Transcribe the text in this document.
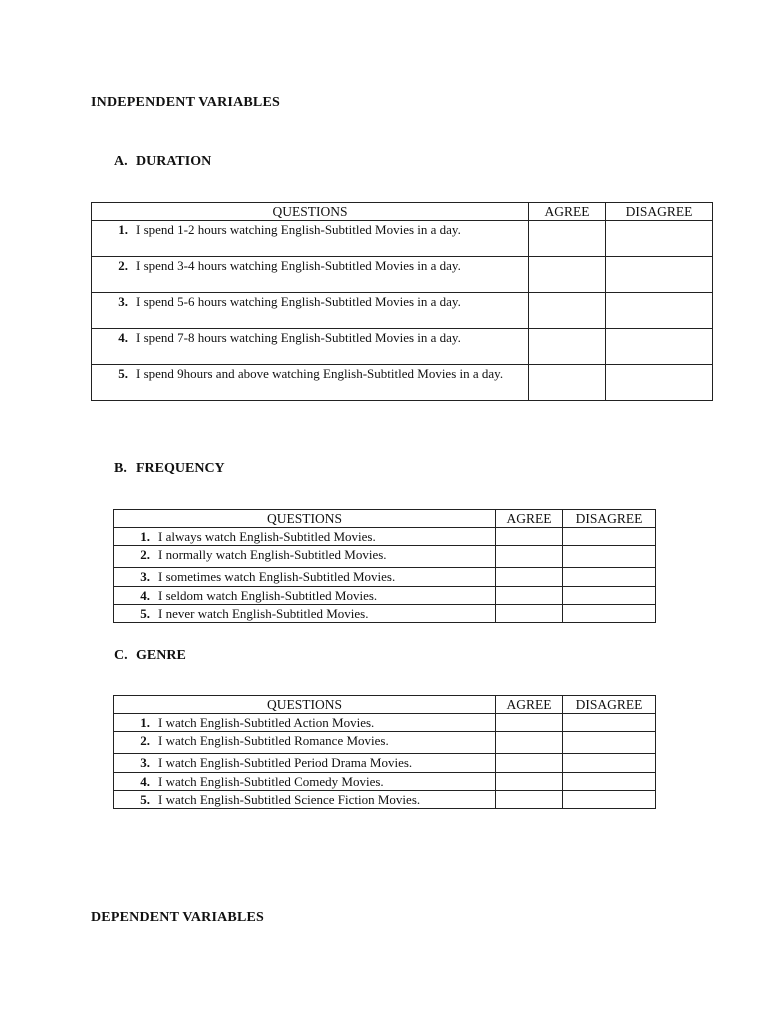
INDEPENDENT VARIABLES
A. DURATION
QUESTIONS	AGREE	DISAGREE

1. I spend 1-2 hours watching English-Subtitled Movies in a day.		

2. I spend 3-4 hours watching English-Subtitled Movies in a day.		

3. I spend 5-6 hours watching English-Subtitled Movies in a day.		

4. I spend 7-8 hours watching English-Subtitled Movies in a day.		

5. I spend 9hours and above watching English-Subtitled Movies in a day.		

B. FREQUENCY
QUESTIONS	AGREE	DISAGREE

1. I always watch English-Subtitled Movies.		

2. I normally watch English-Subtitled Movies.		

3. I sometimes watch English-Subtitled Movies.		

4. I seldom watch English-Subtitled Movies.		

5. I never watch English-Subtitled Movies.		

C. GENRE
QUESTIONS	AGREE	DISAGREE

1. I watch English-Subtitled Action Movies.		

2. I watch English-Subtitled Romance Movies.		

3. I watch English-Subtitled Period Drama Movies.		

4. I watch English-Subtitled Comedy Movies.		

5. I watch English-Subtitled Science Fiction Movies.		

DEPENDENT VARIABLES
